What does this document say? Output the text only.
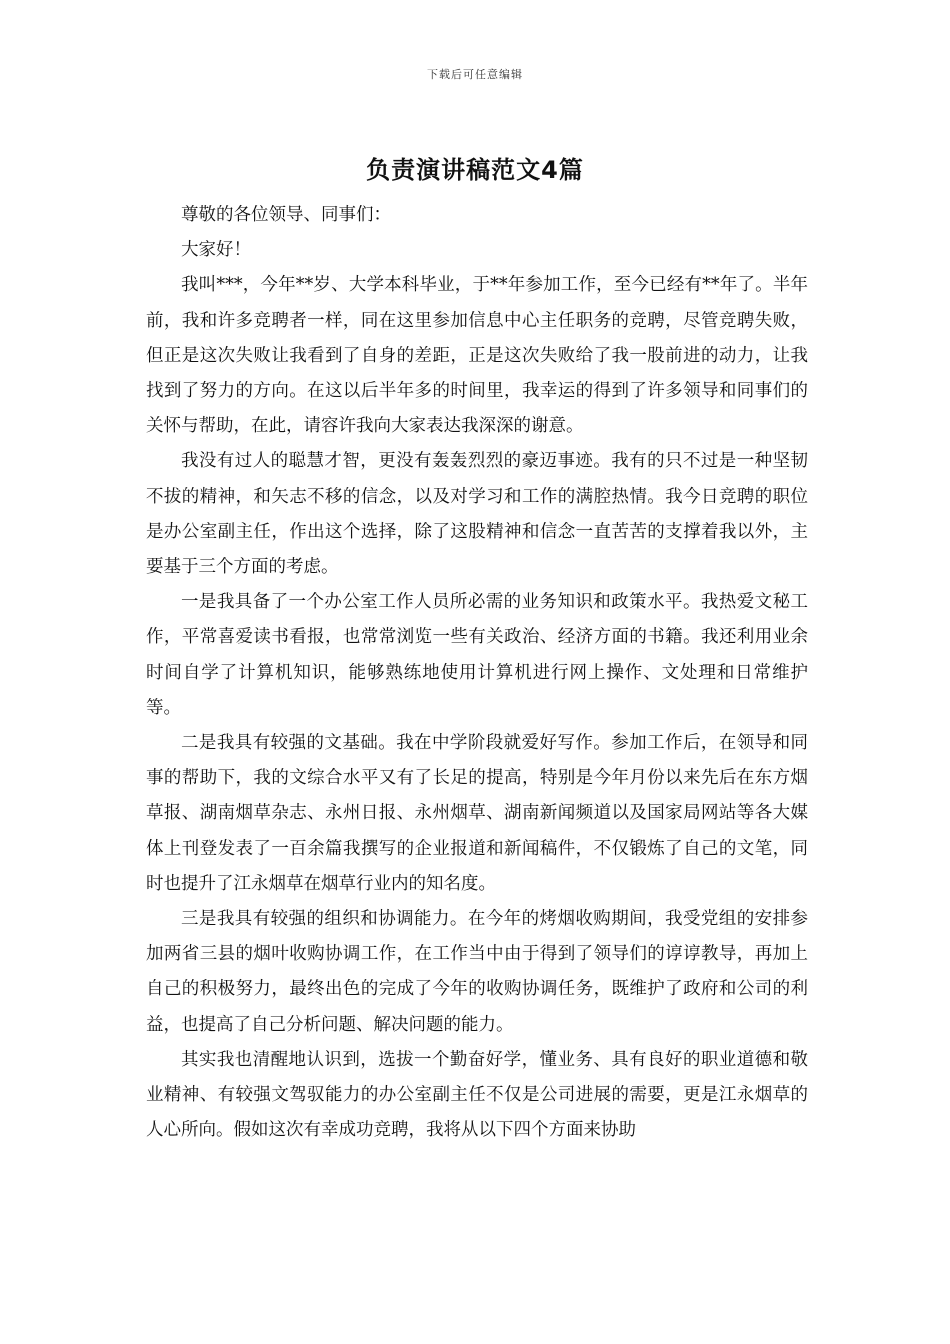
下载后可任意编辑
负责演讲稿范文4篇

尊敬的各位领导、同事们：

大家好！

我叫***，今年**岁、大学本科毕业，于**年参加工作，至今已经有**年了。半年前，我和许多竞聘者一样，同在这里参加信息中心主任职务的竞聘，尽管竞聘失败，但正是这次失败让我看到了自身的差距，正是这次失败给了我一股前进的动力，让我找到了努力的方向。在这以后半年多的时间里，我幸运的得到了许多领导和同事们的关怀与帮助，在此，请容许我向大家表达我深深的谢意。

我没有过人的聪慧才智，更没有轰轰烈烈的豪迈事迹。我有的只不过是一种坚韧不拔的精神，和矢志不移的信念，以及对学习和工作的满腔热情。我今日竞聘的职位是办公室副主任，作出这个选择，除了这股精神和信念一直苦苦的支撑着我以外，主要基于三个方面的考虑。

一是我具备了一个办公室工作人员所必需的业务知识和政策水平。我热爱文秘工作，平常喜爱读书看报，也常常浏览一些有关政治、经济方面的书籍。我还利用业余时间自学了计算机知识，能够熟练地使用计算机进行网上操作、文处理和日常维护等。

二是我具有较强的文基础。我在中学阶段就爱好写作。参加工作后，在领导和同事的帮助下，我的文综合水平又有了长足的提高，特别是今年月份以来先后在东方烟草报、湖南烟草杂志、永州日报、永州烟草、湖南新闻频道以及国家局网站等各大媒体上刊登发表了一百余篇我撰写的企业报道和新闻稿件，不仅锻炼了自己的文笔，同时也提升了江永烟草在烟草行业内的知名度。

三是我具有较强的组织和协调能力。在今年的烤烟收购期间，我受党组的安排参加两省三县的烟叶收购协调工作，在工作当中由于得到了领导们的谆谆教导，再加上自己的积极努力，最终出色的完成了今年的收购协调任务，既维护了政府和公司的利益，也提高了自己分析问题、解决问题的能力。

其实我也清醒地认识到，选拔一个勤奋好学，懂业务、具有良好的职业道德和敬业精神、有较强文驾驭能力的办公室副主任不仅是公司进展的需要，更是江永烟草的人心所向。假如这次有幸成功竞聘，我将从以下四个方面来协助
